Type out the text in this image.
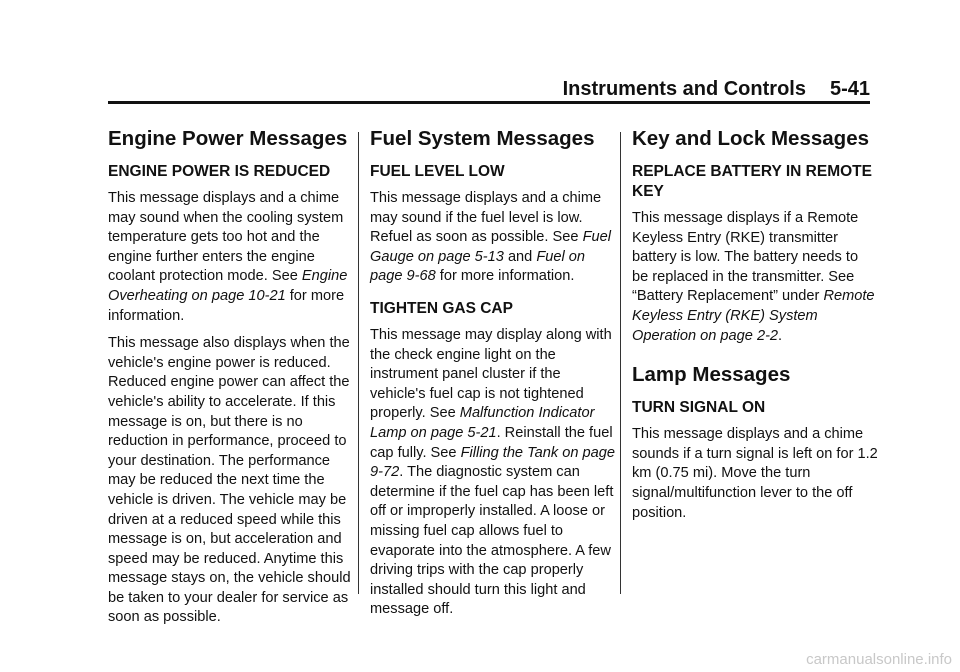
Instruments and Controls 5-41
Engine Power Messages
ENGINE POWER IS REDUCED

This message displays and a chime may sound when the cooling system temperature gets too hot and the engine further enters the engine coolant protection mode. See Engine Overheating on page 10-21 for more information.

This message also displays when the vehicle's engine power is reduced. Reduced engine power can affect the vehicle's ability to accelerate. If this message is on, but there is no reduction in performance, proceed to your destination. The performance may be reduced the next time the vehicle is driven. The vehicle may be driven at a reduced speed while this message is on, but acceleration and speed may be reduced. Anytime this message stays on, the vehicle should be taken to your dealer for service as soon as possible.

Fuel System Messages
FUEL LEVEL LOW

This message displays and a chime may sound if the fuel level is low. Refuel as soon as possible. See Fuel Gauge on page 5-13 and Fuel on page 9-68 for more information.

TIGHTEN GAS CAP

This message may display along with the check engine light on the instrument panel cluster if the vehicle's fuel cap is not tightened properly. See Malfunction Indicator Lamp on page 5-21. Reinstall the fuel cap fully. See Filling the Tank on page 9-72. The diagnostic system can determine if the fuel cap has been left off or improperly installed. A loose or missing fuel cap allows fuel to evaporate into the atmosphere. A few driving trips with the cap properly installed should turn this light and message off.

Key and Lock Messages
REPLACE BATTERY IN REMOTE KEY

This message displays if a Remote Keyless Entry (RKE) transmitter battery is low. The battery needs to be replaced in the transmitter. See “Battery Replacement” under Remote Keyless Entry (RKE) System Operation on page 2-2.

Lamp Messages
TURN SIGNAL ON

This message displays and a chime sounds if a turn signal is left on for 1.2 km (0.75 mi). Move the turn signal/multifunction lever to the off position.

carmanualsonline.info
